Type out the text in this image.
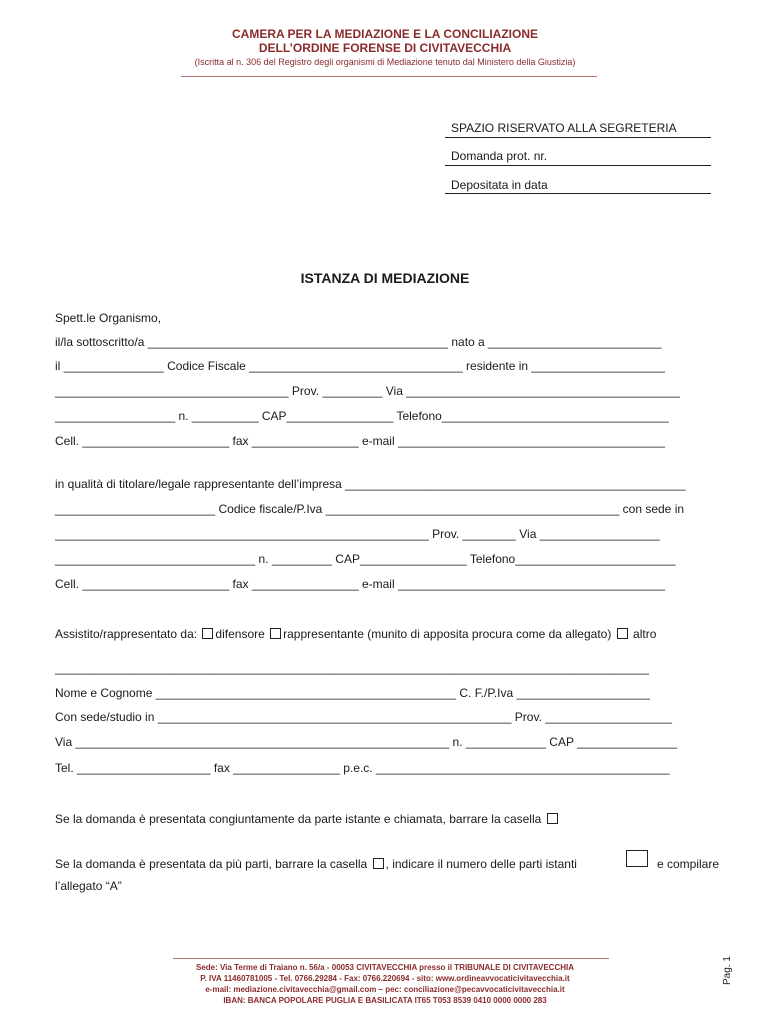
CAMERA PER LA MEDIAZIONE E LA CONCILIAZIONE
DELL’ORDINE FORENSE DI CIVITAVECCHIA
(Iscritta al n. 306 del Registro degli organismi di Mediazione tenuto dal Ministero della Giustizia)
SPAZIO RISERVATO ALLA SEGRETERIA
Domanda prot. nr.
Depositata in data
ISTANZA DI MEDIAZIONE
Spett.le Organismo,
il/la sottoscritto/a _____________________________________________ nato a __________________________
il _______________ Codice Fiscale ________________________________ residente in ____________________
___________________________________ Prov. _________ Via _________________________________________
__________________ n. __________ CAP________________ Telefono__________________________________
Cell. ______________________ fax ________________ e-mail ________________________________________
in qualità di titolare/legale rappresentante dell’impresa ___________________________________________________
________________________ Codice fiscale/P.Iva ____________________________________________ con sede in
________________________________________________________ Prov. ________ Via __________________
______________________________ n. _________ CAP________________ Telefono________________________
Cell. ______________________ fax ________________ e-mail ________________________________________
Assistito/rappresentato da: difensore rappresentante (munito di apposita procura come da allegato) altro
_________________________________________________________________________________________
Nome e Cognome _____________________________________________ C. F./P.Iva ____________________
Con sede/studio in _____________________________________________________ Prov. ___________________
Via ________________________________________________________ n. ____________ CAP _______________
Tel. ____________________ fax ________________ p.e.c. ____________________________________________
Se la domanda è presentata congiuntamente da parte istante e chiamata, barrare la casella
Se la domanda è presentata da più parti, barrare la casella , indicare il numero delle parti istanti	e compilare
l’allegato “A”
Sede: Via Terme di Traiano n. 56/a - 00053 CIVITAVECCHIA presso il TRIBUNALE DI CIVITAVECCHIA
P. IVA 11460781005 - Tel. 0766.29284 - Fax: 0766.220694 - sito: www.ordineavvocaticivitavecchia.it
e-mail: mediazione.civitavecchia@gmail.com – pec: conciliazione@pecavvocaticivitavecchia.it
IBAN: BANCA POPOLARE PUGLIA E BASILICATA IT65 T053 8539 0410 0000 0000 283
Pag. 1
